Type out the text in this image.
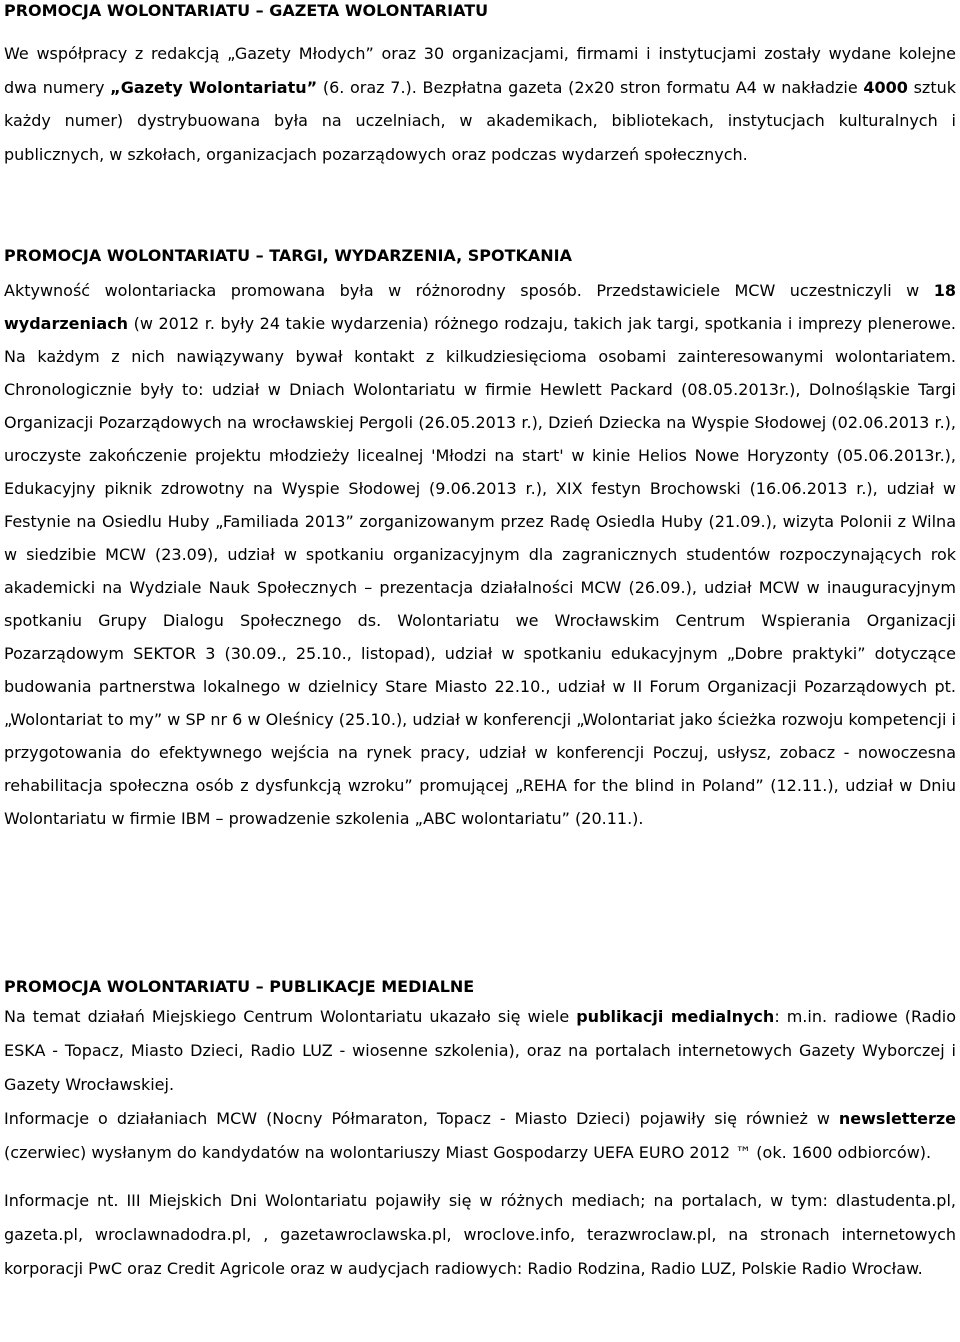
PROMOCJA WOLONTARIATU – GAZETA WOLONTARIATU

We współpracy z redakcją „Gazety Młodych” oraz 30 organizacjami, firmami i instytucjami zostały wydane kolejne dwa numery „Gazety Wolontariatu” (6. oraz 7.). Bezpłatna gazeta (2x20 stron formatu A4 w nakładzie 4000 sztuk każdy numer) dystrybuowana była na uczelniach, w akademikach, bibliotekach, instytucjach kulturalnych i publicznych, w szkołach, organizacjach pozarządowych oraz podczas wydarzeń społecznych.

PROMOCJA WOLONTARIATU – TARGI, WYDARZENIA, SPOTKANIA

Aktywność wolontariacka promowana była w różnorodny sposób. Przedstawiciele MCW uczestniczyli w 18 wydarzeniach (w 2012 r. były 24 takie wydarzenia) różnego rodzaju, takich jak targi, spotkania i imprezy plenerowe. Na każdym z nich nawiązywany bywał kontakt z kilkudziesięcioma osobami zainteresowanymi wolontariatem. Chronologicznie były to: udział w Dniach Wolontariatu w firmie Hewlett Packard (08.05.2013r.), Dolnośląskie Targi Organizacji Pozarządowych na wrocławskiej Pergoli (26.05.2013 r.), Dzień Dziecka na Wyspie Słodowej (02.06.2013 r.), uroczyste zakończenie projektu młodzieży licealnej 'Młodzi na start' w kinie Helios Nowe Horyzonty (05.06.2013r.), Edukacyjny piknik zdrowotny na Wyspie Słodowej (9.06.2013 r.), XIX festyn Brochowski (16.06.2013 r.), udział w Festynie na Osiedlu Huby „Familiada 2013” zorganizowanym przez Radę Osiedla Huby (21.09.), wizyta Polonii z Wilna w siedzibie MCW (23.09), udział w spotkaniu organizacyjnym dla zagranicznych studentów rozpoczynających rok akademicki na Wydziale Nauk Społecznych – prezentacja działalności MCW (26.09.), udział MCW w inauguracyjnym spotkaniu Grupy Dialogu Społecznego ds. Wolontariatu we Wrocławskim Centrum Wspierania Organizacji Pozarządowym SEKTOR 3 (30.09., 25.10., listopad), udział w spotkaniu edukacyjnym „Dobre praktyki” dotyczące budowania partnerstwa lokalnego w dzielnicy Stare Miasto 22.10., udział w II Forum Organizacji Pozarządowych pt. „Wolontariat to my” w SP nr 6 w Oleśnicy (25.10.), udział w konferencji „Wolontariat jako ścieżka rozwoju kompetencji i przygotowania do efektywnego wejścia na rynek pracy, udział w konferencji Poczuj, usłysz, zobacz - nowoczesna rehabilitacja społeczna osób z dysfunkcją wzroku” promującej „REHA for the blind in Poland” (12.11.), udział w Dniu Wolontariatu w firmie IBM – prowadzenie szkolenia „ABC wolontariatu” (20.11.).

PROMOCJA WOLONTARIATU – PUBLIKACJE MEDIALNE

Na temat działań Miejskiego Centrum Wolontariatu ukazało się wiele publikacji medialnych: m.in. radiowe (Radio ESKA - Topacz, Miasto Dzieci, Radio LUZ - wiosenne szkolenia), oraz na portalach internetowych Gazety Wyborczej i Gazety Wrocławskiej.

Informacje o działaniach MCW (Nocny Półmaraton, Topacz - Miasto Dzieci) pojawiły się również w newsletterze (czerwiec) wysłanym do kandydatów na wolontariuszy Miast Gospodarzy UEFA EURO 2012 ™ (ok. 1600 odbiorców).

Informacje nt. III Miejskich Dni Wolontariatu pojawiły się w różnych mediach; na portalach, w tym: dlastudenta.pl, gazeta.pl, wroclawnadodra.pl, , gazetawroclawska.pl, wroclove.info, terazwroclaw.pl, na stronach internetowych korporacji PwC oraz Credit Agricole oraz w audycjach radiowych: Radio Rodzina, Radio LUZ, Polskie Radio Wrocław.
